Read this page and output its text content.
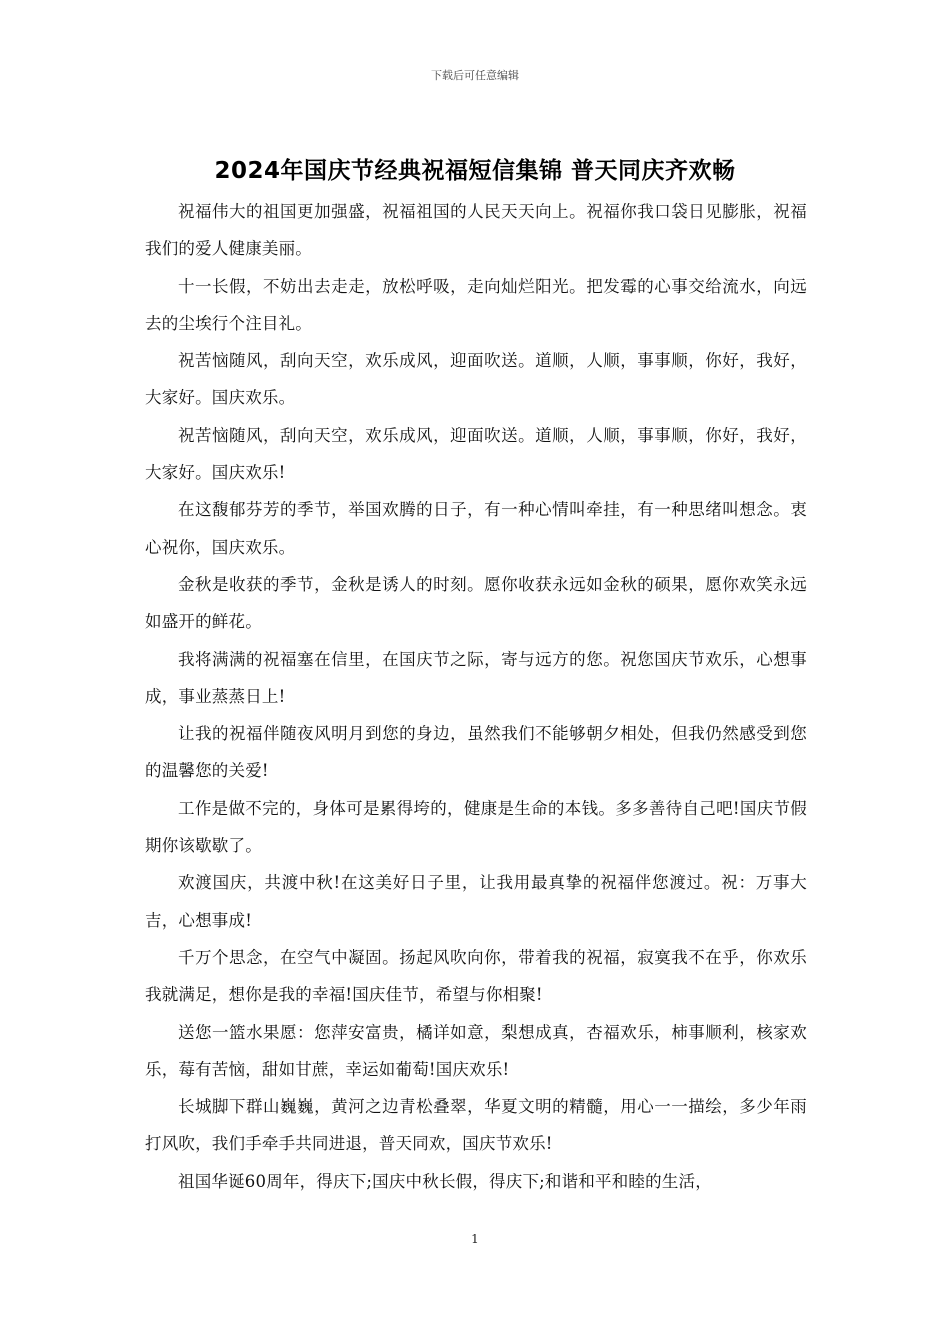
下载后可任意编辑
2024年国庆节经典祝福短信集锦 普天同庆齐欢畅

祝福伟大的祖国更加强盛，祝福祖国的人民天天向上。祝福你我口袋日见膨胀，祝福我们的爱人健康美丽。

十一长假，不妨出去走走，放松呼吸，走向灿烂阳光。把发霉的心事交给流水，向远去的尘埃行个注目礼。

祝苦恼随风，刮向天空，欢乐成风，迎面吹送。道顺，人顺，事事顺，你好，我好，大家好。国庆欢乐。

祝苦恼随风，刮向天空，欢乐成风，迎面吹送。道顺，人顺，事事顺，你好，我好，大家好。国庆欢乐!

在这馥郁芬芳的季节，举国欢腾的日子，有一种心情叫牵挂，有一种思绪叫想念。衷心祝你，国庆欢乐。

金秋是收获的季节，金秋是诱人的时刻。愿你收获永远如金秋的硕果，愿你欢笑永远如盛开的鲜花。

我将满满的祝福塞在信里，在国庆节之际，寄与远方的您。祝您国庆节欢乐，心想事成，事业蒸蒸日上!

让我的祝福伴随夜风明月到您的身边，虽然我们不能够朝夕相处，但我仍然感受到您的温馨您的关爱!

工作是做不完的，身体可是累得垮的，健康是生命的本钱。多多善待自己吧!国庆节假期你该歇歇了。

欢渡国庆，共渡中秋!在这美好日子里，让我用最真挚的祝福伴您渡过。祝：万事大吉，心想事成!

千万个思念，在空气中凝固。扬起风吹向你，带着我的祝福，寂寞我不在乎，你欢乐我就满足，想你是我的幸福!国庆佳节，希望与你相聚!

送您一篮水果愿：您萍安富贵，橘详如意，梨想成真，杏福欢乐，柿事顺利，核家欢乐，莓有苦恼，甜如甘蔗，幸运如葡萄!国庆欢乐!

长城脚下群山巍巍，黄河之边青松叠翠，华夏文明的精髓，用心一一描绘，多少年雨打风吹，我们手牵手共同进退，普天同欢，国庆节欢乐!

祖国华诞60周年，得庆下;国庆中秋长假，得庆下;和谐和平和睦的生活，

1
